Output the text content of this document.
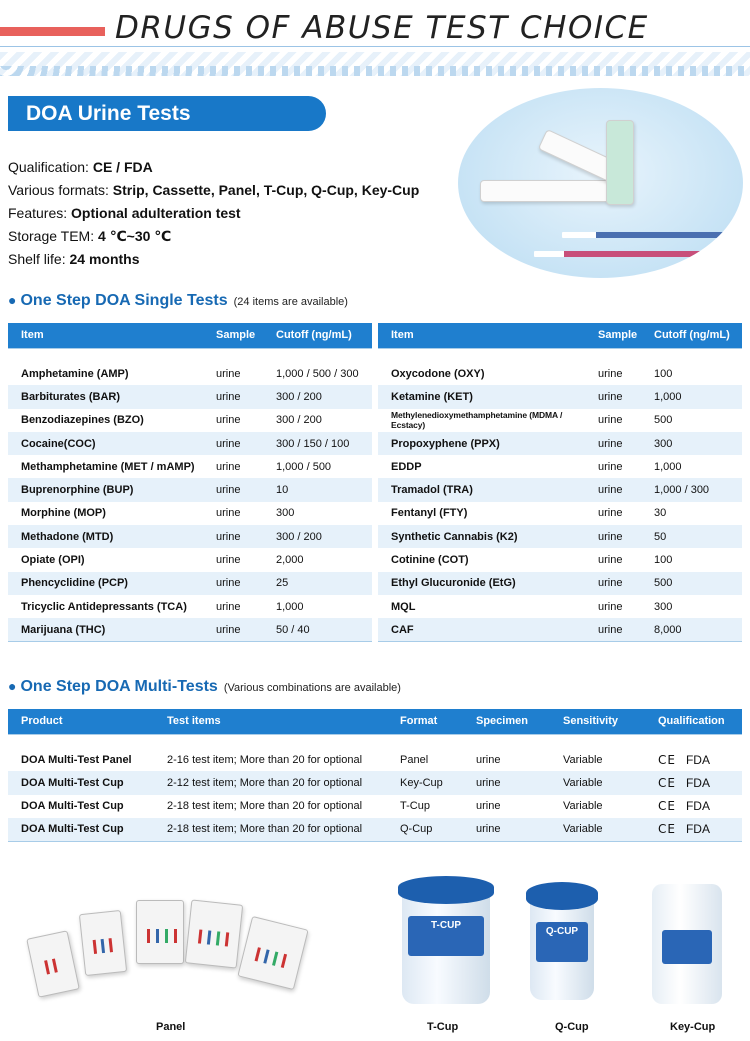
DRUGS OF ABUSE TEST CHOICE
DOA Urine Tests
Qualification: CE / FDA
Various formats: Strip, Cassette, Panel, T-Cup, Q-Cup, Key-Cup
Features: Optional adulteration test
Storage TEM: 4 ℃~30 ℃
Shelf life: 24 months
● One Step DOA Single Tests (24 items are available)
Item	Sample	Cutoff (ng/mL)

Amphetamine (AMP)	urine	1,000 / 500 / 300
Barbiturates (BAR)	urine	300 / 200
Benzodiazepines (BZO)	urine	300 / 200
Cocaine(COC)	urine	300 / 150 / 100
Methamphetamine (MET / mAMP)	urine	1,000 / 500
Buprenorphine (BUP)	urine	10
Morphine (MOP)	urine	300
Methadone (MTD)	urine	300 / 200
Opiate (OPI)	urine	2,000
Phencyclidine (PCP)	urine	25
Tricyclic Antidepressants (TCA)	urine	1,000
Marijuana (THC)	urine	50 / 40
Item	Sample	Cutoff (ng/mL)

Oxycodone (OXY)	urine	100
Ketamine (KET)	urine	1,000
Methylenedioxymethamphetamine (MDMA / Ecstacy)	urine	500
Propoxyphene (PPX)	urine	300
EDDP	urine	1,000
Tramadol (TRA)	urine	1,000 / 300
Fentanyl (FTY)	urine	30
Synthetic Cannabis (K2)	urine	50
Cotinine (COT)	urine	100
Ethyl Glucuronide (EtG)	urine	500
MQL	urine	300
CAF	urine	8,000
● One Step DOA Multi-Tests (Various combinations are available)
Product	Test items	Format	Specimen	Sensitivity	Qualification

DOA Multi-Test Panel	2-16 test item; More than 20 for optional	Panel	urine	Variable	CE FDA
DOA Multi-Test Cup	2-12 test item; More than 20 for optional	Key-Cup	urine	Variable	CE FDA
DOA Multi-Test Cup	2-18 test item; More than 20 for optional	T-Cup	urine	Variable	CE FDA
DOA Multi-Test Cup	2-18 test item; More than 20 for optional	Q-Cup	urine	Variable	CE FDA
Panel
T-CUP
T-Cup
Q-CUP
Q-Cup	Key-Cup
